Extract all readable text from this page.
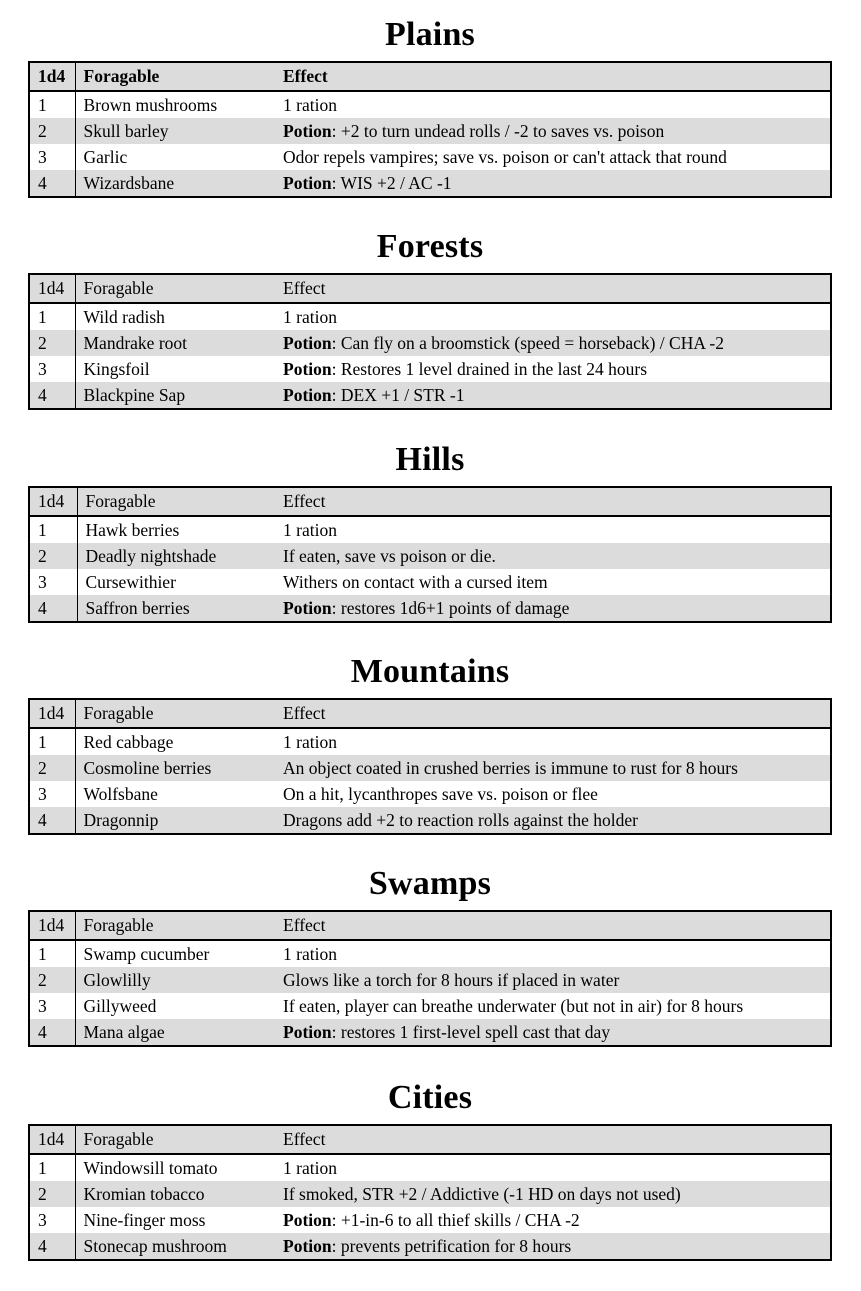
Plains
1d4	Foragable	Effect
1	Brown mushrooms	1 ration
2	Skull barley	Potion: +2 to turn undead rolls / -2 to saves vs. poison
3	Garlic	Odor repels vampires; save vs. poison or can't attack that round
4	Wizardsbane	Potion: WIS +2 / AC -1
Forests
1d4	Foragable	Effect
1	Wild radish	1 ration
2	Mandrake root	Potion: Can fly on a broomstick (speed = horseback) / CHA -2
3	Kingsfoil	Potion: Restores 1 level drained in the last 24 hours
4	Blackpine Sap	Potion: DEX +1 / STR -1
Hills
1d4	Foragable	Effect
1	Hawk berries	1 ration
2	Deadly nightshade	If eaten, save vs poison or die.
3	Cursewithier	Withers on contact with a cursed item
4	Saffron berries	Potion: restores 1d6+1 points of damage
Mountains
1d4	Foragable	Effect
1	Red cabbage	1 ration
2	Cosmoline berries	An object coated in crushed berries is immune to rust for 8 hours
3	Wolfsbane	On a hit, lycanthropes save vs. poison or flee
4	Dragonnip	Dragons add +2 to reaction rolls against the holder
Swamps
1d4	Foragable	Effect
1	Swamp cucumber	1 ration
2	Glowlilly	Glows like a torch for 8 hours if placed in water
3	Gillyweed	If eaten, player can breathe underwater (but not in air) for 8 hours
4	Mana algae	Potion: restores 1 first-level spell cast that day
Cities
1d4	Foragable	Effect
1	Windowsill tomato	1 ration
2	Kromian tobacco	If smoked, STR +2 / Addictive (-1 HD on days not used)
3	Nine-finger moss	Potion: +1-in-6 to all thief skills / CHA -2
4	Stonecap mushroom	Potion: prevents petrification for 8 hours
